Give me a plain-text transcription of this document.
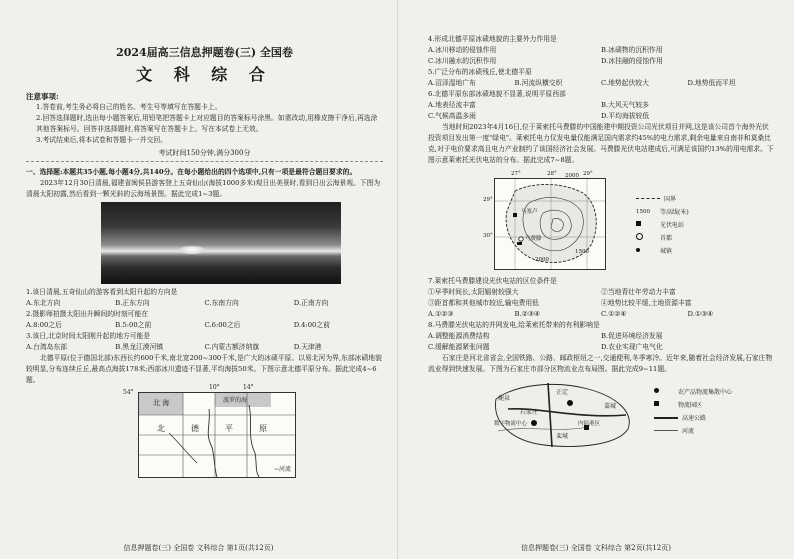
2024届高三信息押题卷(三) 全国卷
文 科 综 合
注意事项:
1.答卷前,考生务必将自己的姓名、考生号等填写在答题卡上。
2.回答选择题时,选出每小题答案后,用铅笔把答题卡上对应题目的答案标号涂黑。如需改动,用橡皮擦干净后,再选涂其他答案标号。回答非选择题时,将答案写在答题卡上。写在本试卷上无效。
3.考试结束后,将本试卷和答题卡一并交回。
考试时间150分钟,满分300分
一、选择题:本题共35小题,每小题4分,共140分。在每小题给出的四个选项中,只有一项是最符合题目要求的。
2023年12月30日清晨,福建省闽侯县游客登上五奇仙山(海拔1000多米)观日出美景时,看到日出云海景观。下图为清晨太阳初露,然后看到一颗光斜的云海场景图。据此完成1~3题。
1.该日清晨,五奇仙山的游客看到太阳升起的方向是
A.东北方向	B.正东方向	C.东南方向	D.正南方向
2.摄影师拍摄太阳出升瞬间的时刻可能在
A.8:00之后	B.5:00之前	C.6:00之后	D.4:00之前
3.该日,北京时间太阳刚升起的地方可能是
A.台湾岛东部	B.黑龙江漠河镇	C.内蒙古额济纳旗	D.天津港
北德平原(位于德国北部)东西长约600千米,南北宽200~300千米,是广大的冰碛平原。以易北河为界,东部冰碛地貌较明显,分布连续丘丘,最高点海拔178米;西部冰川遗迹不显著,平均海拔50米。下图示意北德平原分布。据此完成4~6题。
北 海	波罗的海
北	德	平	原
54°
10°	14°
~河流
信息押题卷(三) 全国卷 文科综合 第1页(共12页)
4.形成北德平原冰碛地貌的主要外力作用是
A.冰川移动的侵蚀作用	B.冰碛物的沉积作用
C.冰川融水的沉积作用	D.冰挂融的侵蚀作用
5.广泛分布的冰碛残丘,使北德平原
A.沼泽湿地广布	B.河流纵横交织	C.地势起伏较大	D.地势低而平坦
6.北德平原东部冰碛地貌不显著,说明平原西部
A.地表径流丰富	B.大风天气较多
C.气候高温多雨	D.平均海拔较低
当地时间2023年4月16日,位于莱索托马费滕的中国能建中期投资公司光伏项目并网,这是该公司首个海外光伏投资项目发出第一度"绿电"。莱索托电力仅发电量仅能满足国内需求约45%的电力需求,剩余电量来自南非和莫桑比克,对于电价要求高且电力产业制约了该国经济社会发展。马费滕光伏电站建成后,可满足该国约13%的用电需求。下图示意莱索托光伏电站的分布。据此完成7~8题。
马塞卢
马费滕
2000
2000
1500
27°	28°	29°
29°
30°
国界
1500	等高线(米)
光伏电站
首都
城镇
7.莱索托马费滕建设光伏电站的区位条件是
①早季时间长,太阳辐射较强大	②当地青壮年劳动力丰富
③距首都和其他城市较近,输电费用低	④地势比较平缓,土地资源丰富
A.①②③	B.②③④	C.①②④	D.①③④
8.马费滕光伏电站的并网发电,给莱索托带来的有利影响是
A.调整能源消费结构	B.促进环境经济发展
C.缓解能源紧张问题	D.农业实现广电气化
石家庄是河北省省会,全国铁路、公路、邮政枢纽之一,交通便利,冬季寒冷。近年来,随着社会经济发展,石家庄物流业得到快速发展。下图为石家庄市部分区物流业点布局图。据此完成9~11题。
石家庄
正定
藁城
栾城
鹿泉
内陆港区
数字物流中心
农产品物流集散中心
物流园区
高速公路
河流
信息押题卷(三) 全国卷 文科综合 第2页(共12页)
